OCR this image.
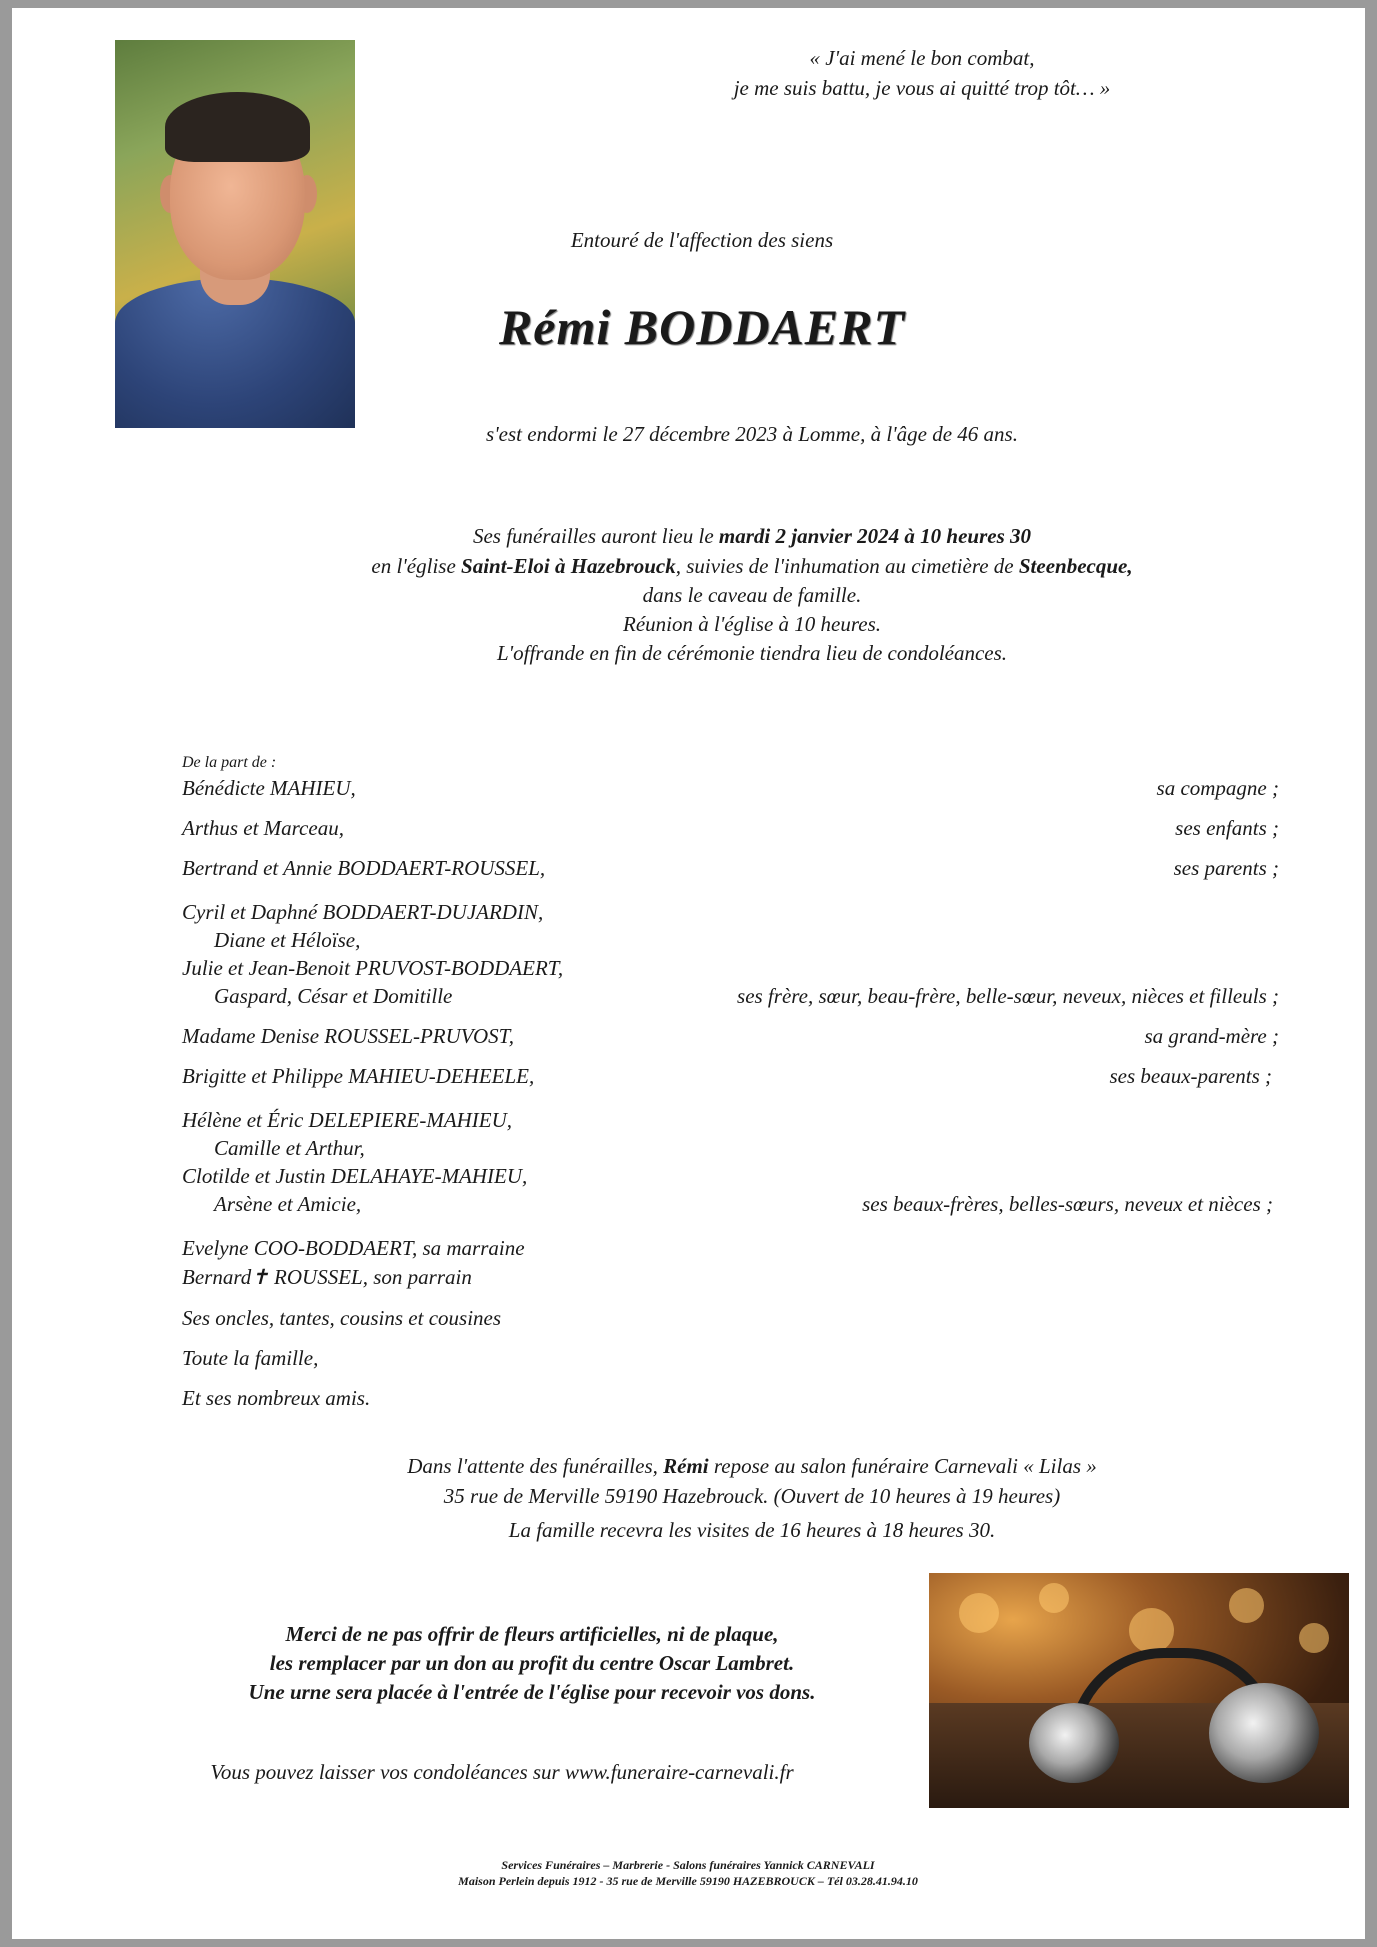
« J'ai mené le bon combat,
je me suis battu, je vous ai quitté trop tôt… »
Entouré de l'affection des siens
Rémi BODDAERT
s'est endormi le 27 décembre 2023 à Lomme, à l'âge de 46 ans.
Ses funérailles auront lieu le mardi 2 janvier 2024 à 10 heures 30
en l'église Saint-Eloi à Hazebrouck, suivies de l'inhumation au cimetière de Steenbecque,
dans le caveau de famille.
Réunion à l'église à 10 heures.
L'offrande en fin de cérémonie tiendra lieu de condoléances.
De la part de :
Bénédicte MAHIEU,	sa compagne ;
Arthus et Marceau,	ses enfants ;
Bertrand et Annie BODDAERT-ROUSSEL,	ses parents ;
Cyril et Daphné BODDAERT-DUJARDIN,
Diane et Héloïse,
Julie et Jean-Benoit PRUVOST-BODDAERT,
Gaspard, César et Domitille	ses frère, sœur, beau-frère, belle-sœur, neveux, nièces et filleuls ;
Madame Denise ROUSSEL-PRUVOST,	sa grand-mère ;
Brigitte et Philippe MAHIEU-DEHEELE,	ses beaux-parents ;
Hélène et Éric DELEPIERE-MAHIEU,
Camille et Arthur,
Clotilde et Justin DELAHAYE-MAHIEU,
Arsène et Amicie,	ses beaux-frères, belles-sœurs, neveux et nièces ;
Evelyne COO-BODDAERT, sa marraine
Bernard✝ ROUSSEL, son parrain
Ses oncles, tantes, cousins et cousines
Toute la famille,
Et ses nombreux amis.
Dans l'attente des funérailles, Rémi repose au salon funéraire Carnevali « Lilas »
35 rue de Merville 59190 Hazebrouck. (Ouvert de 10 heures à 19 heures)
La famille recevra les visites de 16 heures à 18 heures 30.
Merci de ne pas offrir de fleurs artificielles, ni de plaque,
les remplacer par un don au profit du centre Oscar Lambret.
Une urne sera placée à l'entrée de l'église pour recevoir vos dons.
Vous pouvez laisser vos condoléances sur www.funeraire-carnevali.fr
Services Funéraires – Marbrerie - Salons funéraires Yannick CARNEVALI
Maison Perlein depuis 1912 - 35 rue de Merville 59190 HAZEBROUCK – Tél 03.28.41.94.10
